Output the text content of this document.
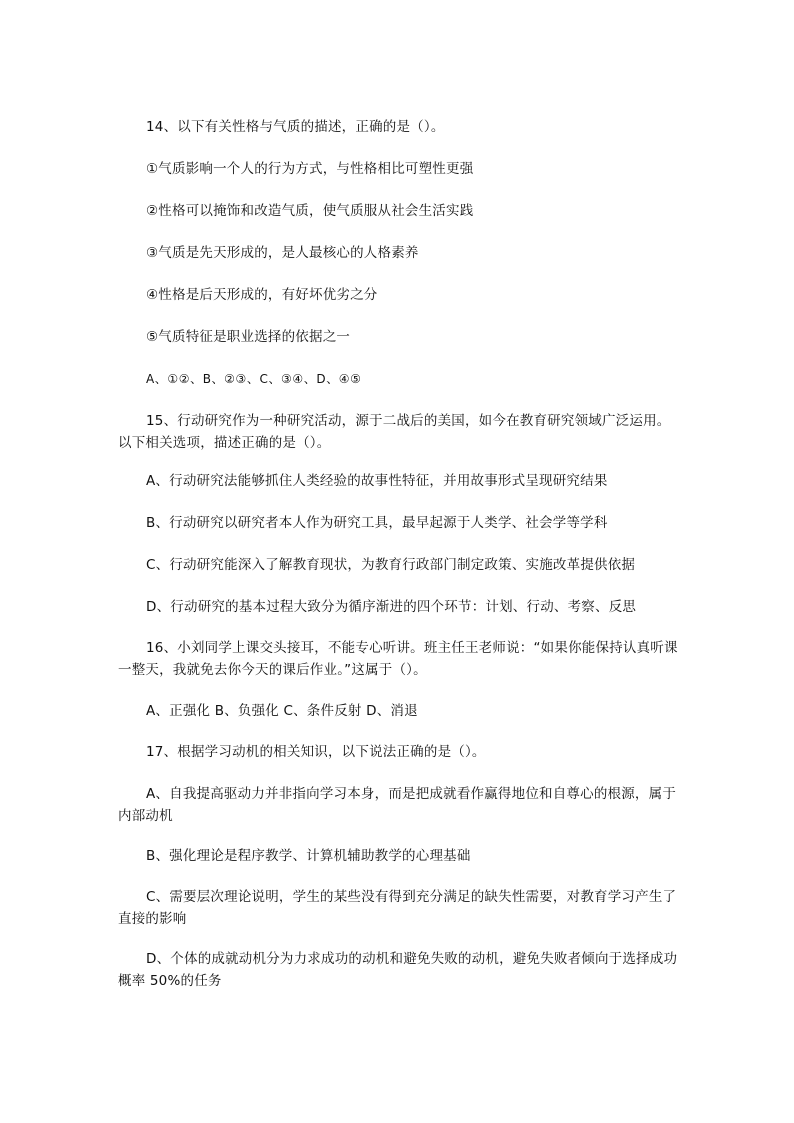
14、以下有关性格与气质的描述，正确的是（）。
①气质影响一个人的行为方式，与性格相比可塑性更强
②性格可以掩饰和改造气质，使气质服从社会生活实践
③气质是先天形成的，是人最核心的人格素养
④性格是后天形成的，有好坏优劣之分
⑤气质特征是职业选择的依据之一
A、①②、B、②③、C、③④、D、④⑤
15、行动研究作为一种研究活动，源于二战后的美国，如今在教育研究领域广泛运用。以下相关选项，描述正确的是（）。
A、行动研究法能够抓住人类经验的故事性特征，并用故事形式呈现研究结果
B、行动研究以研究者本人作为研究工具，最早起源于人类学、社会学等学科
C、行动研究能深入了解教育现状，为教育行政部门制定政策、实施改革提供依据
D、行动研究的基本过程大致分为循序渐进的四个环节：计划、行动、考察、反思
16、小刘同学上课交头接耳，不能专心听讲。班主任王老师说：“如果你能保持认真听课一整天，我就免去你今天的课后作业。”这属于（）。
A、正强化 B、负强化 C、条件反射 D、消退
17、根据学习动机的相关知识，以下说法正确的是（）。
A、自我提高驱动力并非指向学习本身，而是把成就看作赢得地位和自尊心的根源，属于内部动机
B、强化理论是程序教学、计算机辅助教学的心理基础
C、需要层次理论说明，学生的某些没有得到充分满足的缺失性需要，对教育学习产生了直接的影响
D、个体的成就动机分为力求成功的动机和避免失败的动机，避免失败者倾向于选择成功概率 50%的任务
